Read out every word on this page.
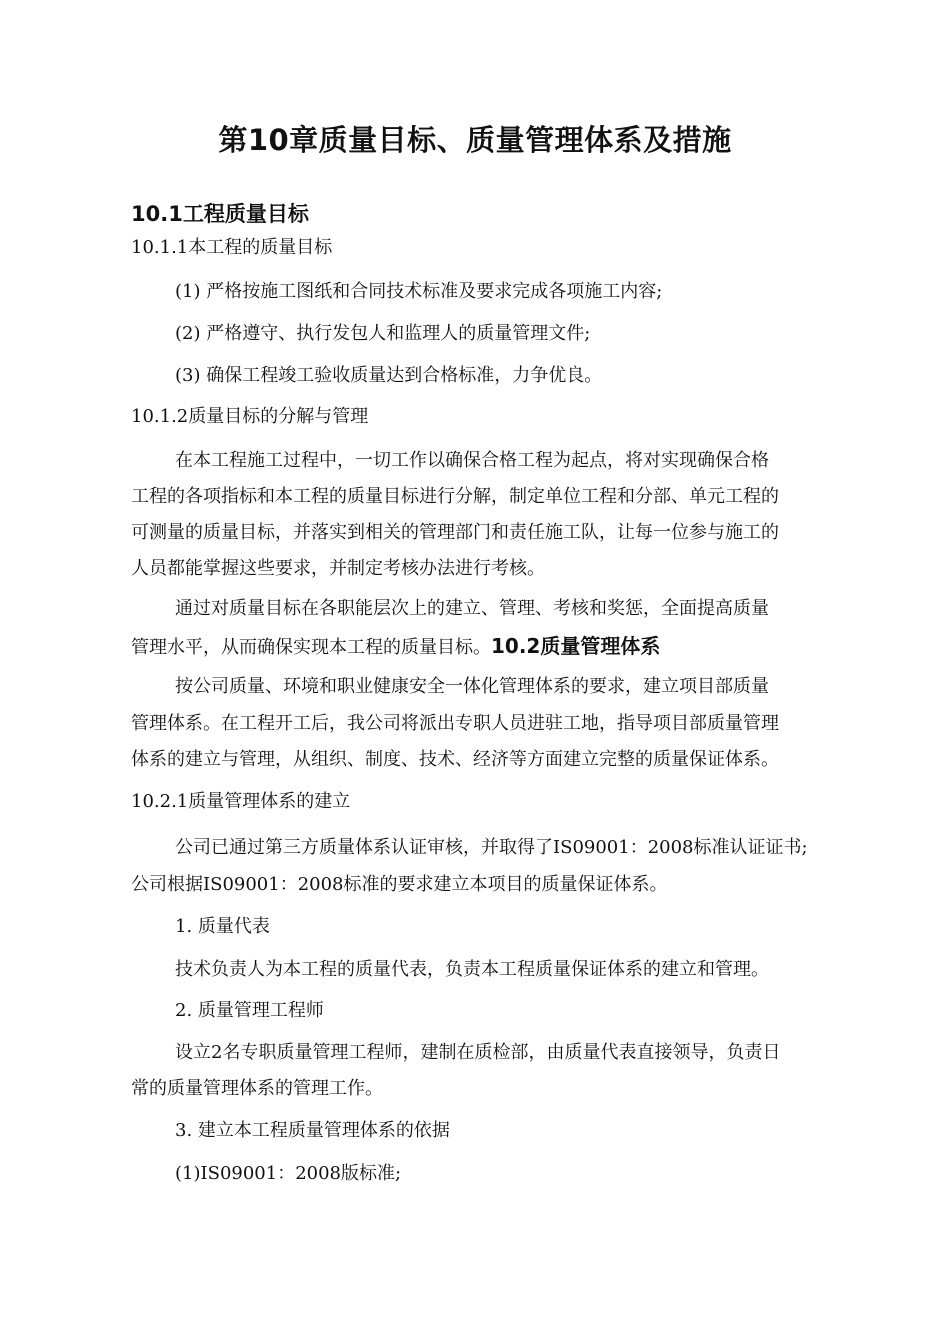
第10章质量目标、质量管理体系及措施
10.1工程质量目标
10.1.1本工程的质量目标
(1) 严格按施工图纸和合同技术标准及要求完成各项施工内容;
(2) 严格遵守、执行发包人和监理人的质量管理文件;
(3) 确保工程竣工验收质量达到合格标准，力争优良。
10.1.2质量目标的分解与管理
在本工程施工过程中，一切工作以确保合格工程为起点，将对实现确保合格
工程的各项指标和本工程的质量目标进行分解，制定单位工程和分部、单元工程的
可测量的质量目标，并落实到相关的管理部门和责任施工队，让每一位参与施工的
人员都能掌握这些要求，并制定考核办法进行考核。
通过对质量目标在各职能层次上的建立、管理、考核和奖惩，全面提高质量
管理水平，从而确保实现本工程的质量目标。10.2质量管理体系
按公司质量、环境和职业健康安全一体化管理体系的要求，建立项目部质量
管理体系。在工程开工后，我公司将派出专职人员进驻工地，指导项目部质量管理
体系的建立与管理，从组织、制度、技术、经济等方面建立完整的质量保证体系。
10.2.1质量管理体系的建立
公司已通过第三方质量体系认证审核，并取得了IS09001：2008标准认证证书;
公司根据IS09001：2008标准的要求建立本项目的质量保证体系。
1. 质量代表
技术负责人为本工程的质量代表，负责本工程质量保证体系的建立和管理。
2. 质量管理工程师
设立2名专职质量管理工程师，建制在质检部，由质量代表直接领导，负责日
常的质量管理体系的管理工作。
3. 建立本工程质量管理体系的依据
(1)IS09001：2008版标准;
